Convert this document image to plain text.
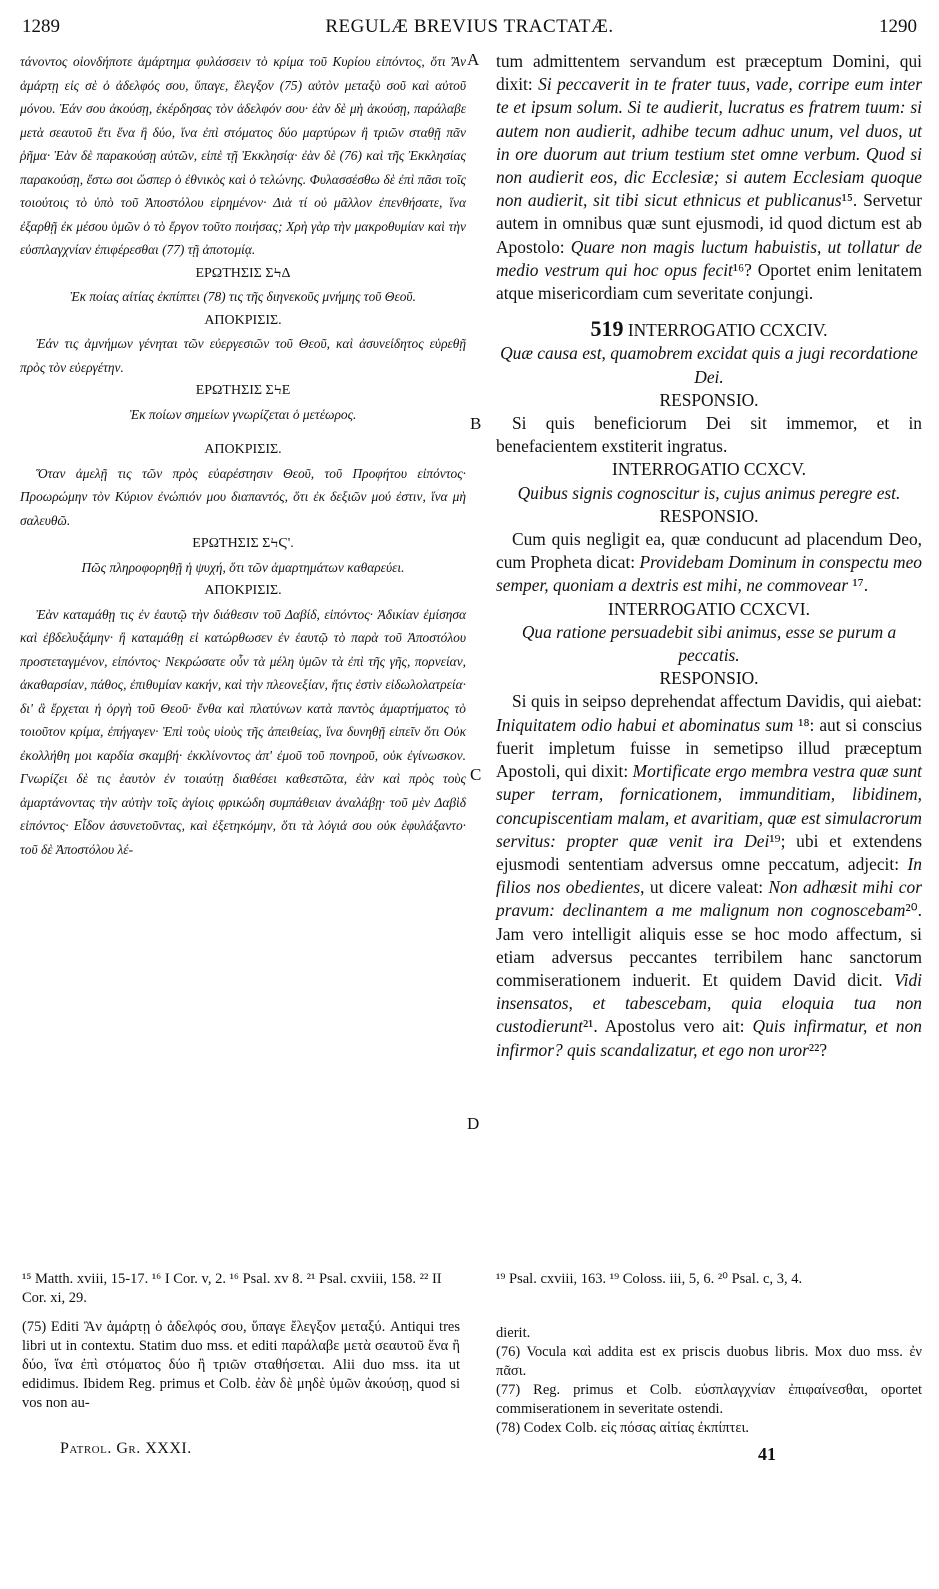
1289	REGULÆ BREVIUS TRACTATÆ.	1290
A
B
C
D

τάνοντος οἱονδήποτε ἁμάρτημα φυλάσσειν τὸ κρίμα τοῦ Κυρίου εἰπόντος, ὅτι Ἂν ἁμάρτῃ εἰς σὲ ὁ ἀδελφός σου, ὕπαγε, ἔλεγξον (75) αὐτὸν μεταξὺ σοῦ καὶ αὐτοῦ μόνου. Ἐάν σου ἀκούσῃ, ἐκέρδησας τὸν ἀδελφόν σου· ἐὰν δὲ μὴ ἀκούσῃ, παράλαβε μετὰ σεαυτοῦ ἔτι ἕνα ἢ δύο, ἵνα ἐπὶ στόματος δύο μαρτύρων ἢ τριῶν σταθῇ πᾶν ῥῆμα· Ἐὰν δὲ παρακούσῃ αὐτῶν, εἰπὲ τῇ Ἐκκλησίᾳ· ἐὰν δὲ (76) καὶ τῆς Ἐκκλησίας παρακούσῃ, ἔστω σοι ὥσπερ ὁ ἐθνικὸς καὶ ὁ τελώνης. Φυλασσέσθω δὲ ἐπὶ πᾶσι τοῖς τοιούτοις τὸ ὑπὸ τοῦ Ἀποστόλου εἰρημένον· Διὰ τί οὐ μᾶλλον ἐπενθήσατε, ἵνα ἐξαρθῇ ἐκ μέσου ὑμῶν ὁ τὸ ἔργον τοῦτο ποιήσας; Χρὴ γὰρ τὴν μακροθυμίαν καὶ τὴν εὐσπλαγχνίαν ἐπιφέρεσθαι (77) τῇ ἀποτομίᾳ.

ΕΡΩΤΗΣΙΣ ΣϞΔ

Ἐκ ποίας αἰτίας ἐκπίπτει (78) τις τῆς διηνεκοῦς μνήμης τοῦ Θεοῦ.

ΑΠΟΚΡΙΣΙΣ.

Ἐάν τις ἀμνήμων γένηται τῶν εὐεργεσιῶν τοῦ Θεοῦ, καὶ ἀσυνείδητος εὑρεθῇ πρὸς τὸν εὐεργέτην.

ΕΡΩΤΗΣΙΣ ΣϞΕ

Ἐκ ποίων σημείων γνωρίζεται ὁ μετέωρος.

ΑΠΟΚΡΙΣΙΣ.

Ὅταν ἀμελῇ τις τῶν πρὸς εὐαρέστησιν Θεοῦ, τοῦ Προφήτου εἰπόντος· Προωρώμην τὸν Κύριον ἐνώπιόν μου διαπαντός, ὅτι ἐκ δεξιῶν μού ἐστιν, ἵνα μὴ σαλευθῶ.

ΕΡΩΤΗΣΙΣ ΣϞϚ'.

Πῶς πληροφορηθῇ ἡ ψυχή, ὅτι τῶν ἁμαρτημάτων καθαρεύει.

ΑΠΟΚΡΙΣΙΣ.

Ἐὰν καταμάθῃ τις ἐν ἑαυτῷ τὴν διάθεσιν τοῦ Δαβίδ, εἰπόντος· Ἀδικίαν ἐμίσησα καὶ ἐβδελυξάμην· ἢ καταμάθῃ εἰ κατώρθωσεν ἐν ἑαυτῷ τὸ παρὰ τοῦ Ἀποστόλου προστεταγμένον, εἰπόντος· Νεκρώσατε οὖν τὰ μέλη ὑμῶν τὰ ἐπὶ τῆς γῆς, πορνείαν, ἀκαθαρσίαν, πάθος, ἐπιθυμίαν κακήν, καὶ τὴν πλεονεξίαν, ἥτις ἐστὶν εἰδωλολατρεία· δι' ἃ ἔρχεται ἡ ὀργὴ τοῦ Θεοῦ· ἔνθα καὶ πλατύνων κατὰ παντὸς ἁμαρτήματος τὸ τοιοῦτον κρίμα, ἐπήγαγεν· Ἐπὶ τοὺς υἱοὺς τῆς ἀπειθείας, ἵνα δυνηθῇ εἰπεῖν ὅτι Οὐκ ἐκολλήθη μοι καρδία σκαμβή· ἐκκλίνοντος ἀπ' ἐμοῦ τοῦ πονηροῦ, οὐκ ἐγίνωσκον. Γνωρίζει δὲ τις ἑαυτὸν ἐν τοιαύτῃ διαθέσει καθεστῶτα, ἐὰν καὶ πρὸς τοὺς ἁμαρτάνοντας τὴν αὐτὴν τοῖς ἁγίοις φρικώδη συμπάθειαν ἀναλάβῃ· τοῦ μὲν Δαβὶδ εἰπόντος· Εἶδον ἀσυνετοῦντας, καὶ ἐξετηκόμην, ὅτι τὰ λόγιά σου οὐκ ἐφυλάξαντο· τοῦ δὲ Ἀποστόλου λέ-

tum admittentem servandum est præceptum Domini, qui dixit: Si peccaverit in te frater tuus, vade, corripe eum inter te et ipsum solum. Si te audierit, lucratus es fratrem tuum: si autem non audierit, adhibe tecum adhuc unum, vel duos, ut in ore duorum aut trium testium stet omne verbum. Quod si non audierit eos, dic Ecclesiæ; si autem Ecclesiam quoque non audierit, sit tibi sicut ethnicus et publicanus¹⁵. Servetur autem in omnibus quæ sunt ejusmodi, id quod dictum est ab Apostolo: Quare non magis luctum habuistis, ut tollatur de medio vestrum qui hoc opus fecit¹⁶? Oportet enim lenitatem atque misericordiam cum severitate conjungi.

519 INTERROGATIO CCXCIV.

Quæ causa est, quamobrem excidat quis a jugi recordatione Dei.

RESPONSIO.

Si quis beneficiorum Dei sit immemor, et in benefacientem exstiterit ingratus.

INTERROGATIO CCXCV.

Quibus signis cognoscitur is, cujus animus peregre est.

RESPONSIO.

Cum quis negligit ea, quæ conducunt ad placendum Deo, cum Propheta dicat: Providebam Dominum in conspectu meo semper, quoniam a dextris est mihi, ne commovear ¹⁷.

INTERROGATIO CCXCVI.

Qua ratione persuadebit sibi animus, esse se purum a peccatis.

RESPONSIO.

Si quis in seipso deprehendat affectum Davidis, qui aiebat: Iniquitatem odio habui et abominatus sum ¹⁸: aut si conscius fuerit impletum fuisse in semetipso illud præceptum Apostoli, qui dixit: Mortificate ergo membra vestra quæ sunt super terram, fornicationem, immunditiam, libidinem, concupiscentiam malam, et avaritiam, quæ est simulacrorum servitus: propter quæ venit ira Dei¹⁹; ubi et extendens ejusmodi sententiam adversus omne peccatum, adjecit: In filios nos obedientes, ut dicere valeat: Non adhæsit mihi cor pravum: declinantem a me malignum non cognoscebam²⁰. Jam vero intelligit aliquis esse se hoc modo affectum, si etiam adversus peccantes terribilem hanc sanctorum commiserationem induerit. Et quidem David dicit. Vidi insensatos, et tabescebam, quia eloquia tua non custodierunt²¹. Apostolus vero ait: Quis infirmatur, et non infirmor? quis scandalizatur, et ego non uror²²?

¹⁵ Matth. xviii, 15-17. ¹⁶ I Cor. v, 2. ¹⁶ Psal. xv 8. ²¹ Psal. cxviii, 158. ²² II Cor. xi, 29.
¹⁹ Psal. cxviii, 163. ¹⁹ Coloss. iii, 5, 6. ²⁰ Psal. c, 3, 4.

(75) Editi Ἂν ἁμάρτῃ ὁ ἀδελφός σου, ὕπαγε ἔλεγξον μεταξύ. Antiqui tres libri ut in contextu. Statim duo mss. et editi παράλαβε μετὰ σεαυτοῦ ἕνα ἢ δύο, ἵνα ἐπὶ στόματος δύο ἢ τριῶν σταθήσεται. Alii duo mss. ita ut edidimus. Ibidem Reg. primus et Colb. ἐὰν δὲ μηδὲ ὑμῶν ἀκούσῃ, quod si vos non au-

dierit.

(76) Vocula καὶ addita est ex priscis duobus libris. Mox duo mss. ἐν πᾶσι.

(77) Reg. primus et Colb. εὐσπλαγχνίαν ἐπιφαίνεσθαι, oportet commiserationem in severitate ostendi.

(78) Codex Colb. εἰς πόσας αἰτίας ἐκπίπτει.

Patrol. Gr. XXXI.	41
